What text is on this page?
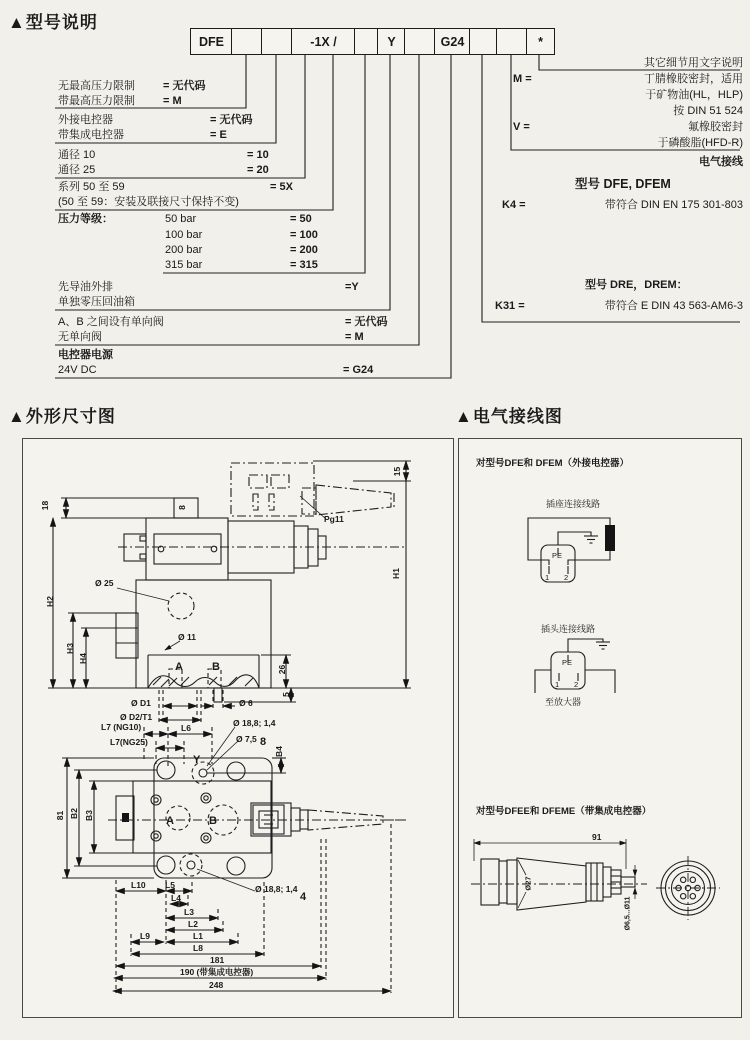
▲型号说明
DFE	-1X /	Y	G24	*
无最高压力限制	= 无代码
带最高压力限制	= M
外接电控器	= 无代码
带集成电控器	= E
通径 10	= 10
通径 25	= 20
系列 50 至 59	= 5X
(50 至 59：安装及联接尺寸保持不变)
压力等级：	50 bar	= 50
100 bar	= 100
200 bar	= 200
315 bar	= 315
先导油外排	=Y
单独零压回油箱
A、B 之间设有单向阀	= 无代码
无单向阀	= M
电控器电源
24V DC	= G24
其它细节用文字说明
M =	丁腈橡胶密封，适用
于矿物油(HL，HLP)
按 DIN 51 524
V =	氟橡胶密封
于磷酸脂(HFD-R)
电气接线
型号 DFE, DFEM
K4 =	带符合 DIN EN 175 301-803
型号 DRE，DREM：
K31 =	带符合 E DIN 43 563-AM6-3
▲外形尺寸图
18
H2
H3
H4
Ø 25
8
Pg11
15
H1
Ø 11
A	B	26
5
Ø D1
Ø D2/T1
Ø 6
L7 (NG10)
L7(NG25)
L6	Ø 18,8; 1,4
Ø 7,5 8
B4
Y
81 B2 B3	A	B
L10 L5
L4
L3
L2
L1
L9
L8
181
190 (带集成电控器)
248
Ø 18,8; 1,4
4
▲电气接线图
对型号DFE和 DFEM（外接电控器）
插座连接线路
PE
1 2
插头连接线路
PE
1 2
至放大器
对型号DFEE和 DFEME（带集成电控器）
91
Ø27
Ø6,5...Ø11
